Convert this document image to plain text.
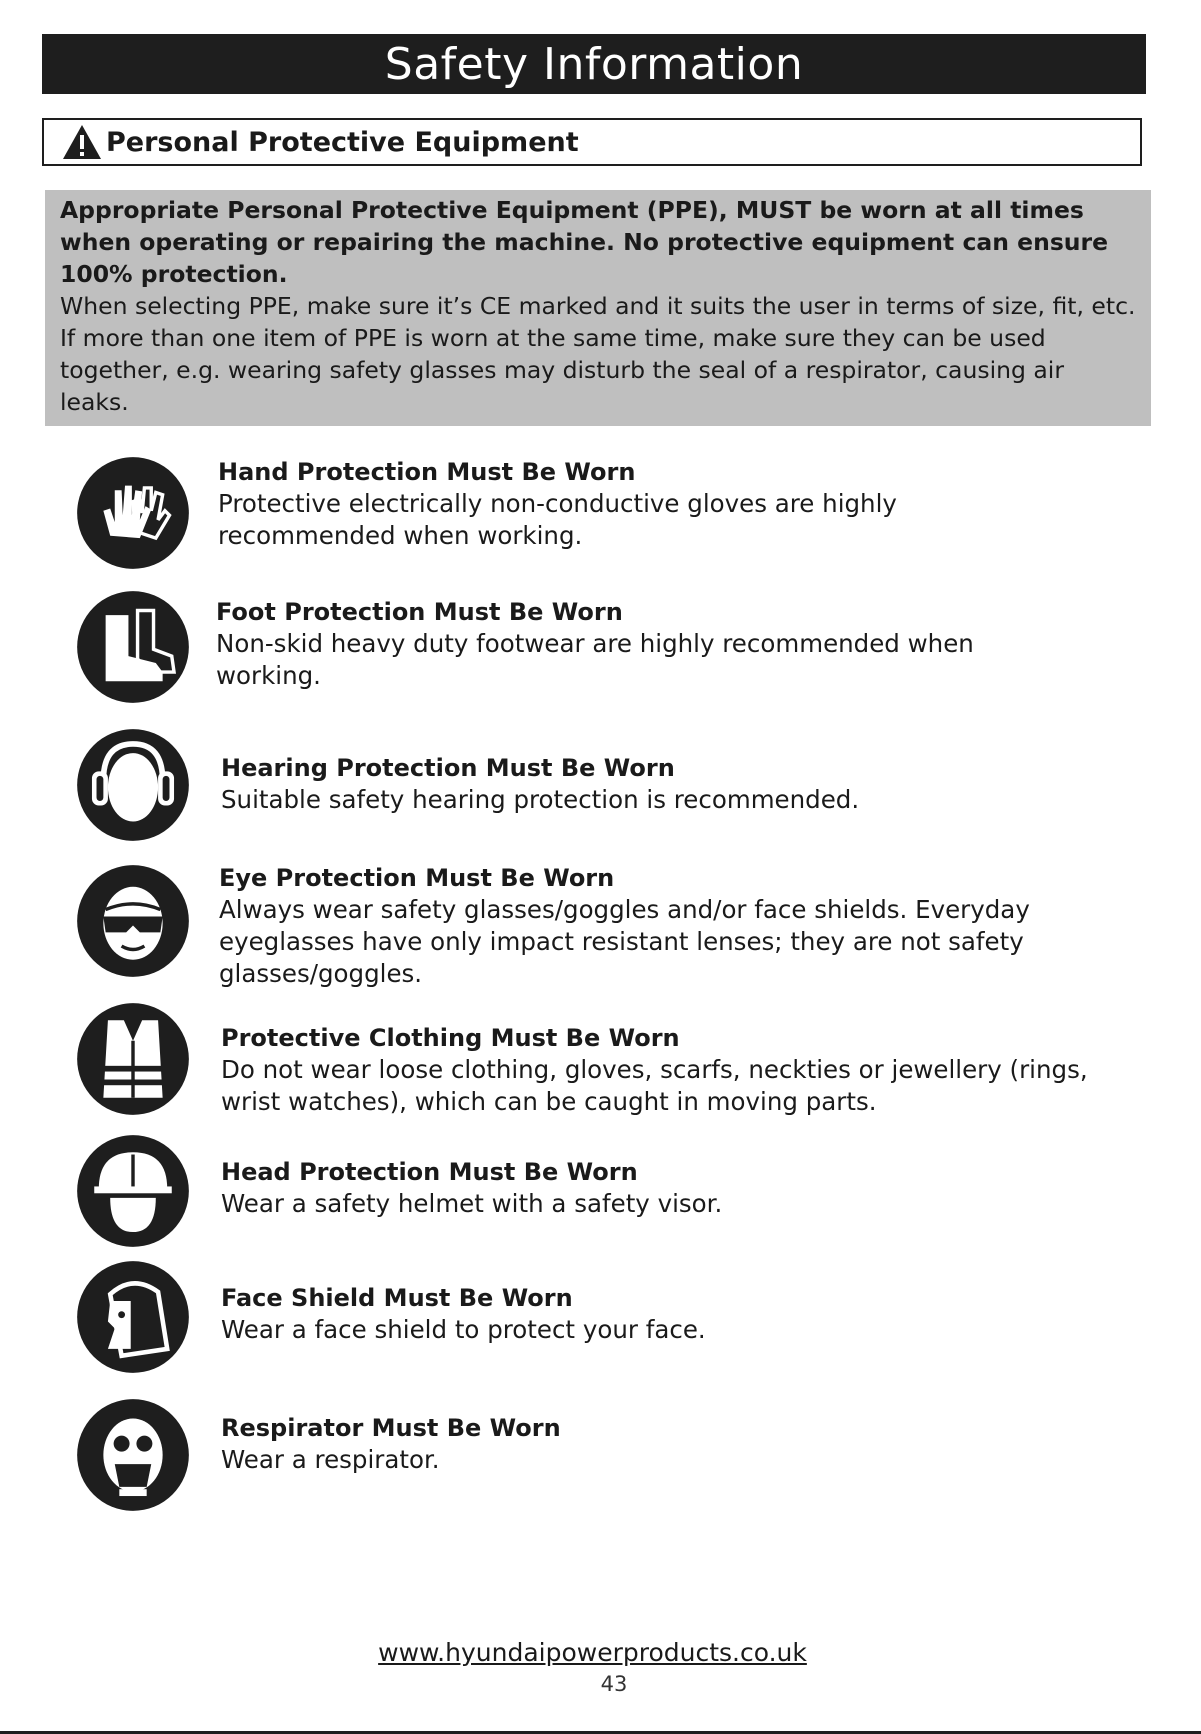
Safety Information
Personal Protective Equipment
Appropriate Personal Protective Equipment (PPE), MUST be worn at all times when operating or repairing the machine. No protective equipment can ensure 100% protection.
When selecting PPE, make sure it’s CE marked and it suits the user in terms of size, fit, etc. If more than one item of PPE is worn at the same time, make sure they can be used together, e.g. wearing safety glasses may disturb the seal of a respirator, causing air leaks.
Hand Protection Must Be Worn
Protective electrically non-conductive gloves are highly
recommended when working.
Foot Protection Must Be Worn
Non-skid heavy duty footwear are highly recommended when
working.
Hearing Protection Must Be Worn
Suitable safety hearing protection is recommended.
Eye Protection Must Be Worn
Always wear safety glasses/goggles and/or face shields. Everyday
eyeglasses have only impact resistant lenses; they are not safety
glasses/goggles.
Protective Clothing Must Be Worn
Do not wear loose clothing, gloves, scarfs, neckties or jewellery (rings,
wrist watches), which can be caught in moving parts.
Head Protection Must Be Worn
Wear a safety helmet with a safety visor.
Face Shield Must Be Worn
Wear a face shield to protect your face.
Respirator Must Be Worn
Wear a respirator.
www.hyundaipowerproducts.co.uk
43
